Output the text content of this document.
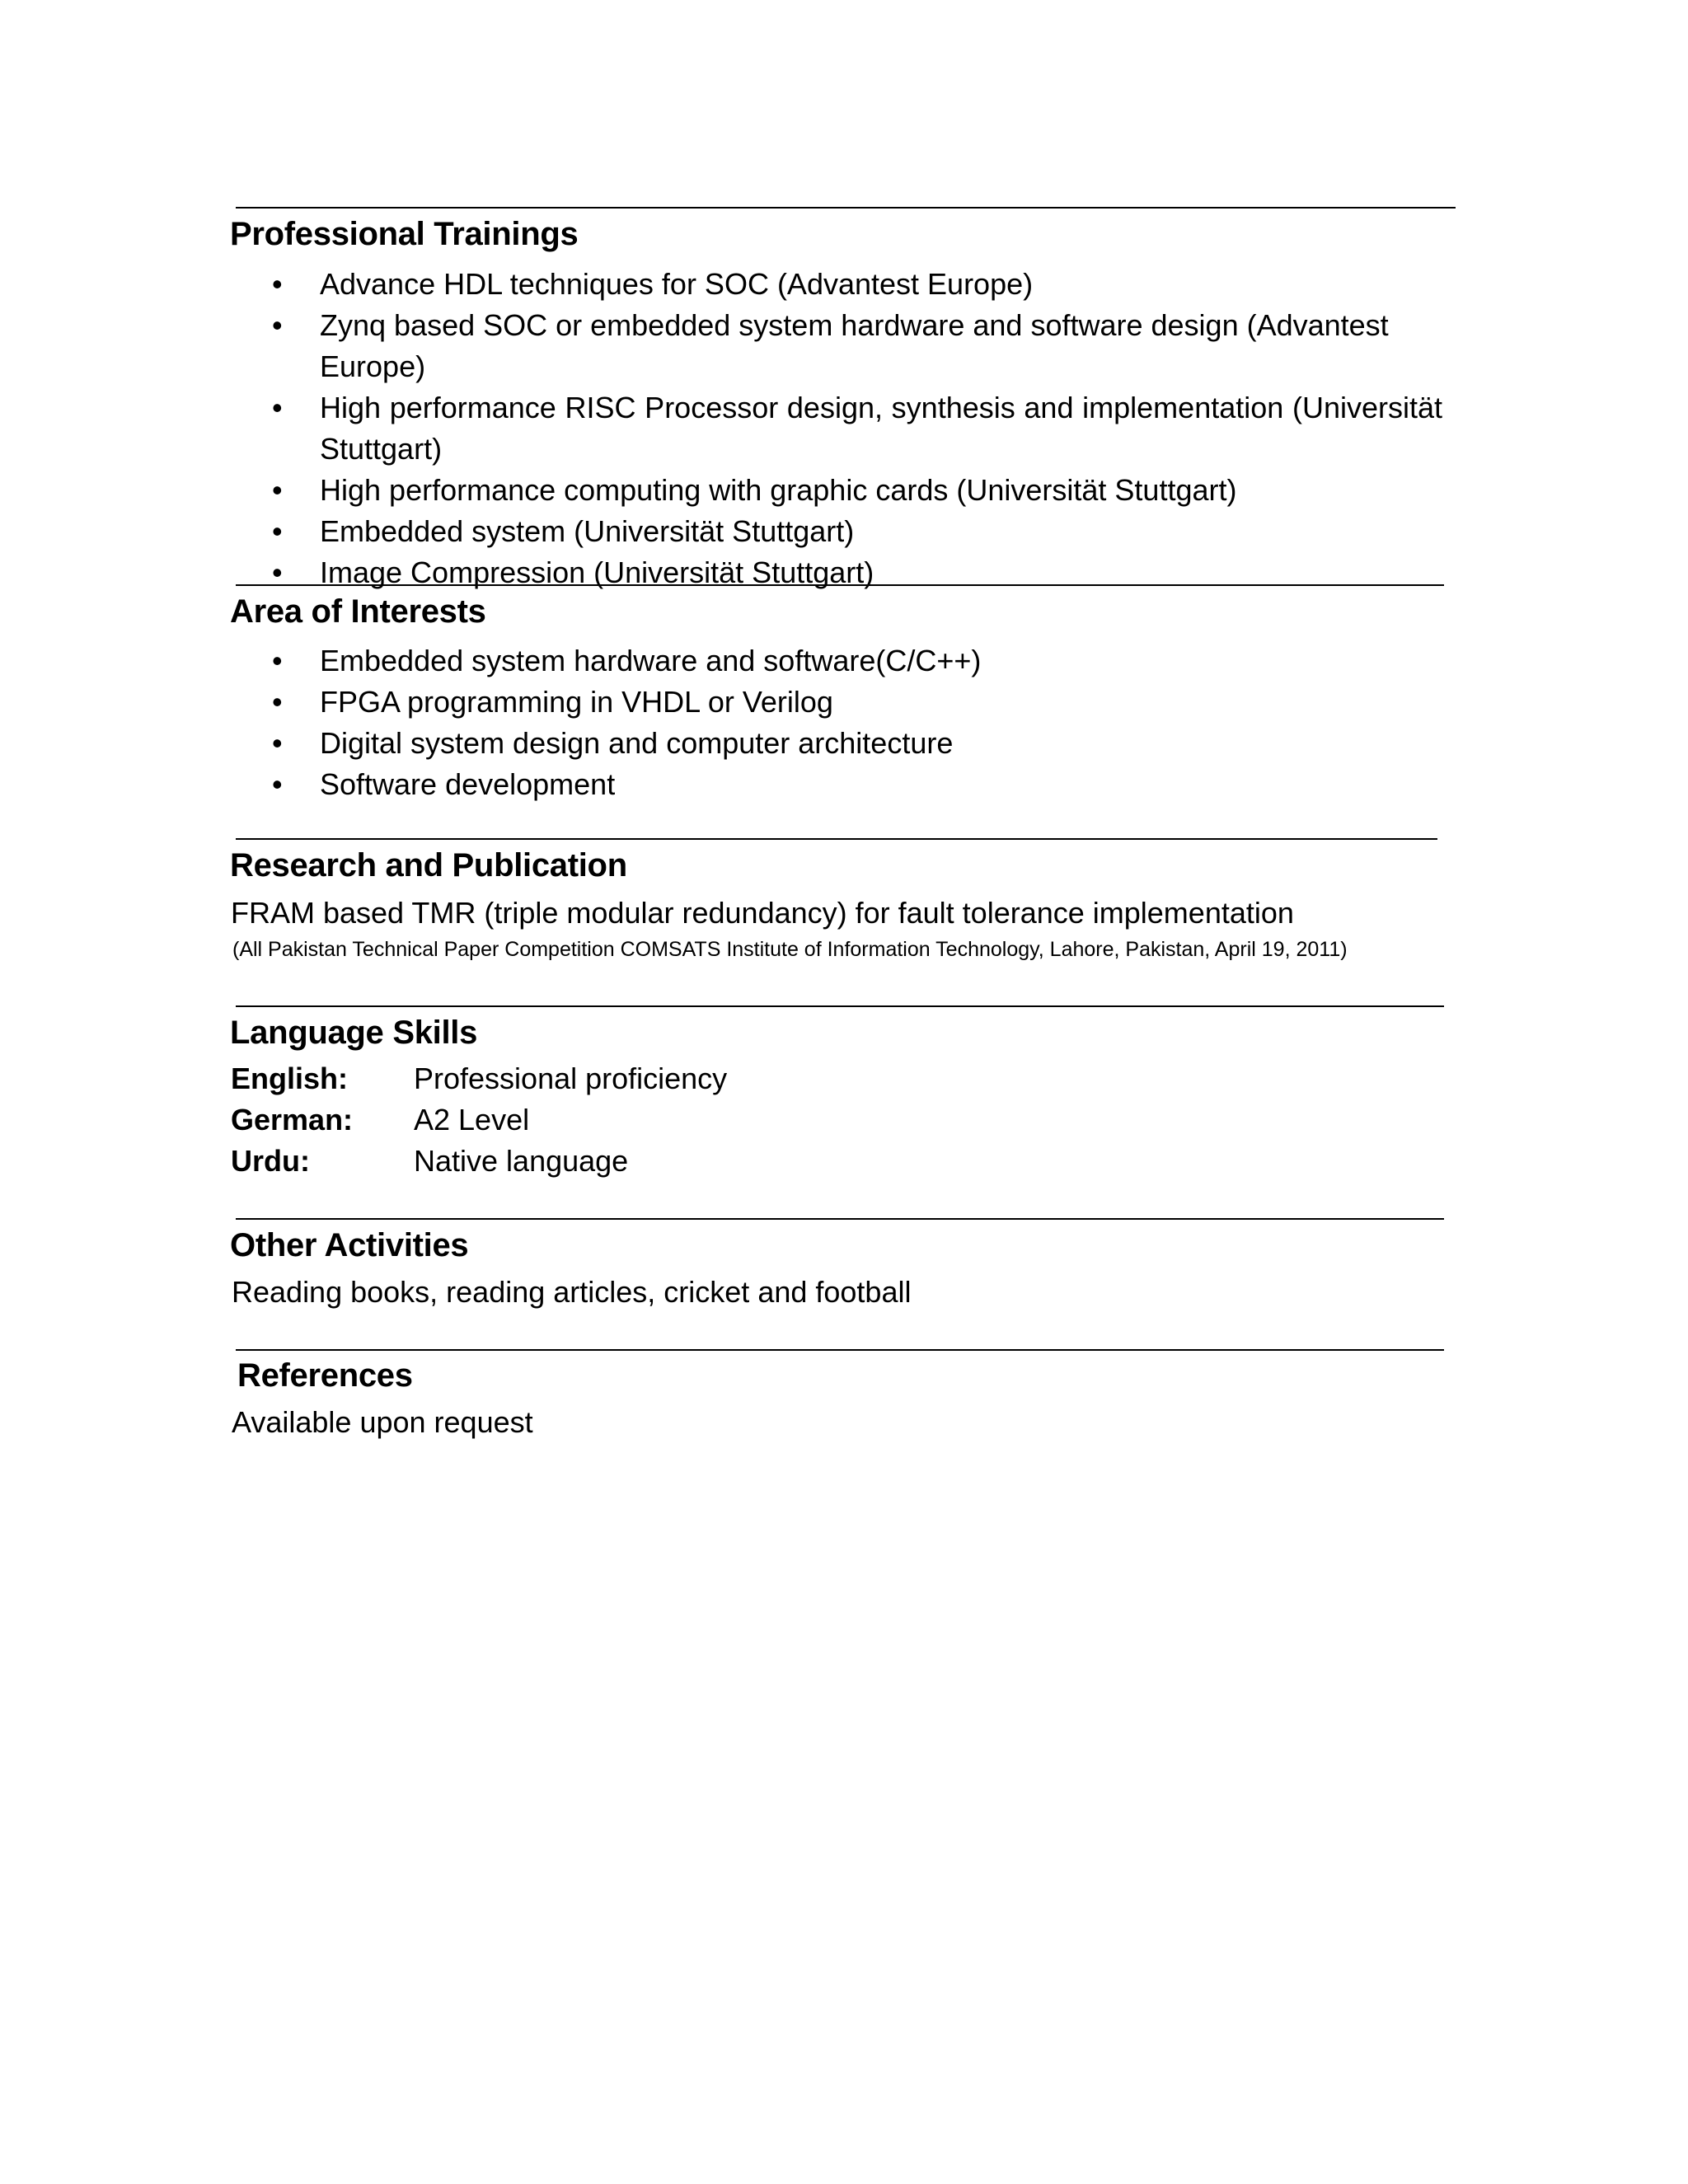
Professional Trainings
• Advance HDL techniques for SOC (Advantest Europe)
• Zynq based SOC or embedded system hardware and software design (Advantest Europe)
• High performance RISC Processor design, synthesis and implementation (Universität Stuttgart)
• High performance computing with graphic cards (Universität Stuttgart)
• Embedded system (Universität Stuttgart)
• Image Compression (Universität Stuttgart)
Area of Interests
• Embedded system hardware and software(C/C++)
• FPGA programming in VHDL or Verilog
• Digital system design and computer architecture
• Software development
Research and Publication
FRAM based TMR (triple modular redundancy) for fault tolerance implementation
(All Pakistan Technical Paper Competition COMSATS Institute of Information Technology, Lahore, Pakistan, April 19, 2011)
Language Skills
English: Professional proficiency
German: A2 Level
Urdu:	Native language
Other Activities
Reading books, reading articles, cricket and football
References
Available upon request
